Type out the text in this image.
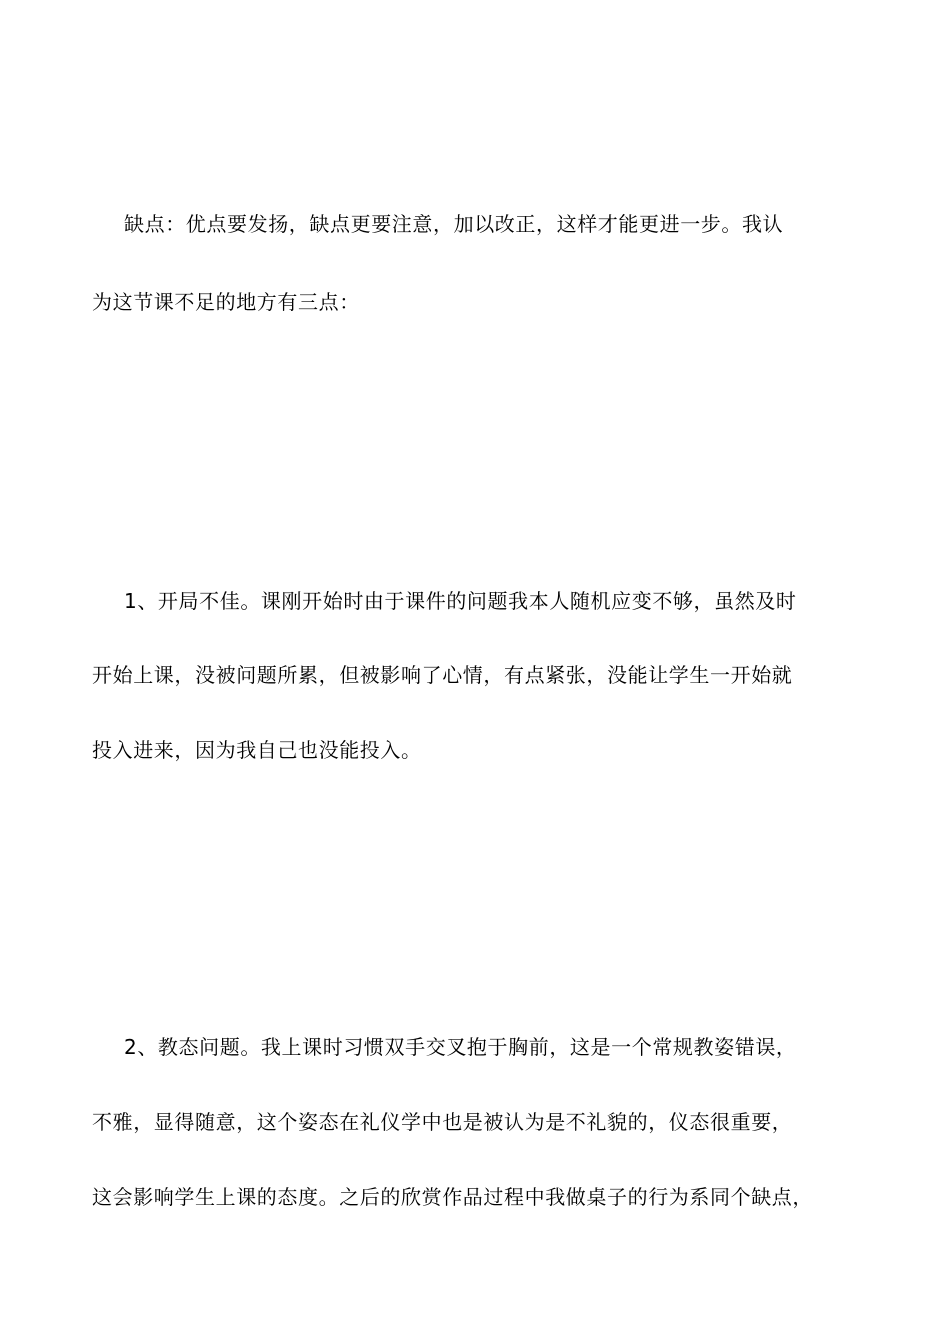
缺点：优点要发扬，缺点更要注意，加以改正，这样才能更进一步。我认
为这节课不足的地方有三点：
1、开局不佳。课刚开始时由于课件的问题我本人随机应变不够，虽然及时
开始上课，没被问题所累，但被影响了心情，有点紧张，没能让学生一开始就
投入进来，因为我自己也没能投入。
2、教态问题。我上课时习惯双手交叉抱于胸前，这是一个常规教姿错误，
不雅，显得随意，这个姿态在礼仪学中也是被认为是不礼貌的，仪态很重要，
这会影响学生上课的态度。之后的欣赏作品过程中我做桌子的行为系同个缺点，
